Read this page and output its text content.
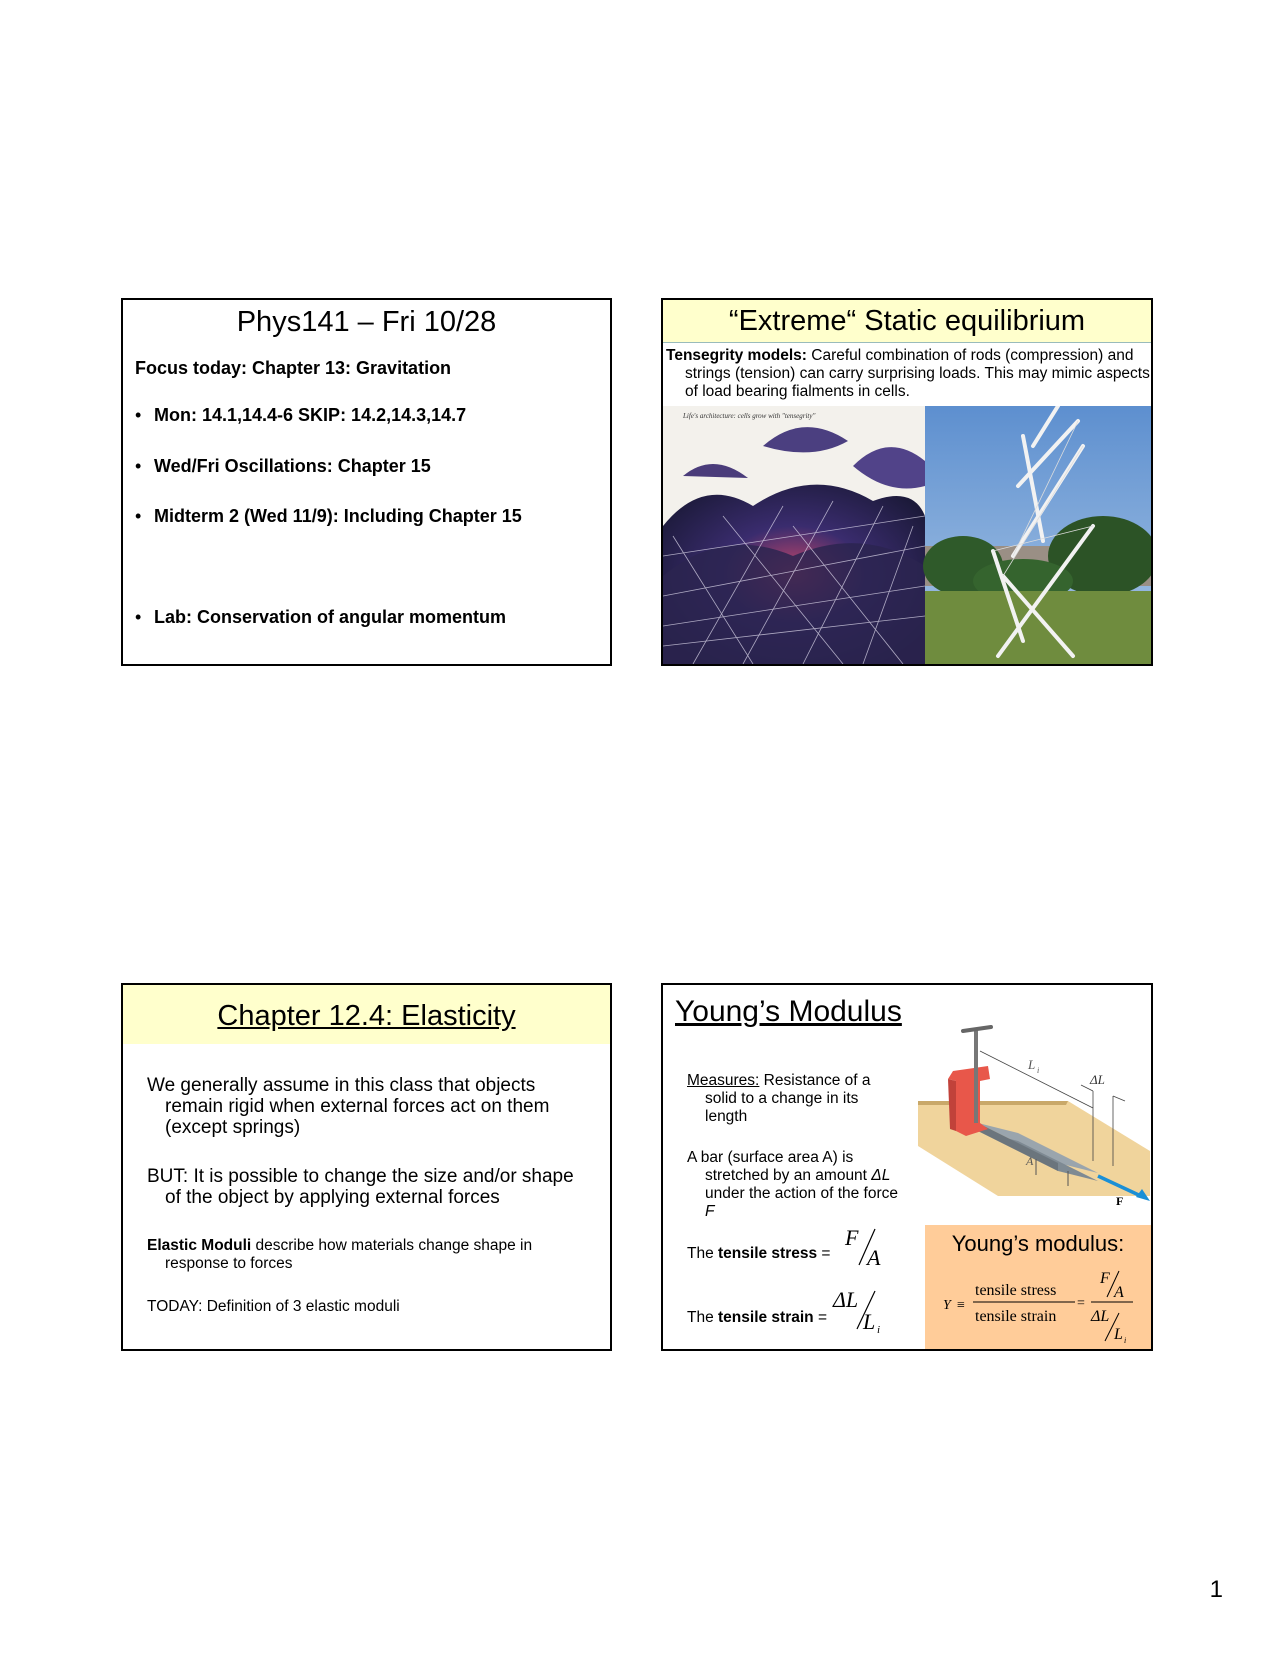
Phys141 – Fri 10/28
Focus today: Chapter 13: Gravitation
• Mon: 14.1,14.4-6 SKIP: 14.2,14.3,14.7
• Wed/Fri Oscillations: Chapter 15
• Midterm 2 (Wed 11/9): Including Chapter 15
• Lab: Conservation of angular momentum
“Extreme“ Static equilibrium
Tensegrity models: Careful combination of rods (compression) and strings (tension) can carry surprising loads. This may mimic aspects of load bearing fialments in cells.
Life's architecture: cells grow with "tensegrity"
Chapter 12.4: Elasticity
We generally assume in this class that objects remain rigid when external forces act on them (except springs)
BUT: It is possible to change the size and/or shape of the object by applying external forces
Elastic Moduli describe how materials change shape in response to forces
TODAY: Definition of 3 elastic moduli
Young’s Modulus
Measures: Resistance of a solid to a change in its length
A bar (surface area A) is stretched by an amount ΔL under the action of the force F
The tensile stress =
The tensile strain =
F
A
ΔL
L i
L i
ΔL
A
F
Young’s modulus:
Y ≡
tensile stress
tensile strain
=
F
A
ΔL
L i
1
